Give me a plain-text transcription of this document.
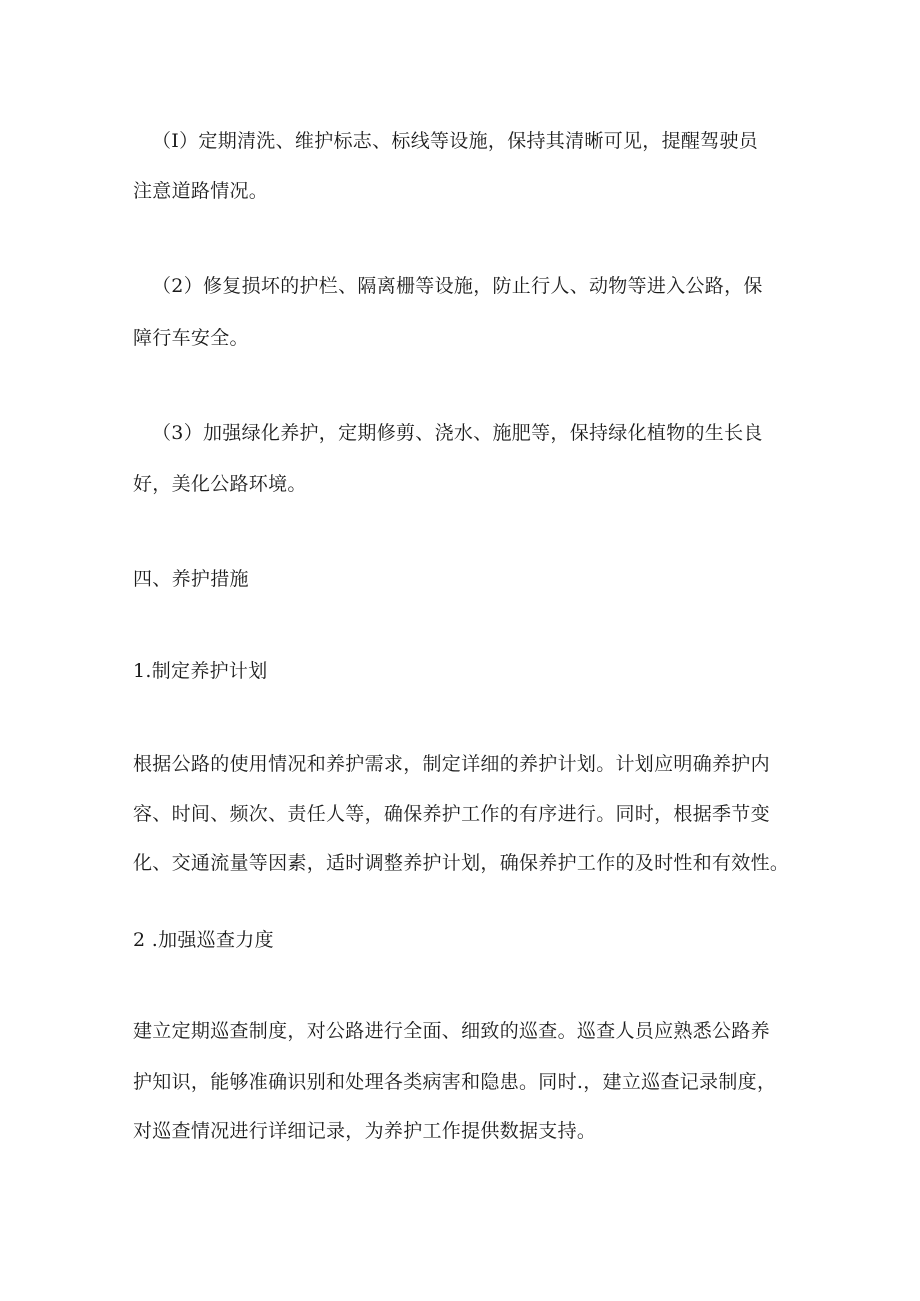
（I）定期清洗、维护标志、标线等设施，保持其清晰可见，提醒驾驶员
注意道路情况。
（2）修复损坏的护栏、隔离栅等设施，防止行人、动物等进入公路，保
障行车安全。
（3）加强绿化养护，定期修剪、浇水、施肥等，保持绿化植物的生长良
好，美化公路环境。
四、养护措施
1.制定养护计划
根据公路的使用情况和养护需求，制定详细的养护计划。计划应明确养护内
容、时间、频次、责任人等，确保养护工作的有序进行。同时，根据季节变
化、交通流量等因素，适时调整养护计划，确保养护工作的及时性和有效性。
2 .加强巡查力度
建立定期巡查制度，对公路进行全面、细致的巡查。巡查人员应熟悉公路养
护知识，能够准确识别和处理各类病害和隐患。同时.，建立巡查记录制度，
对巡查情况进行详细记录，为养护工作提供数据支持。
